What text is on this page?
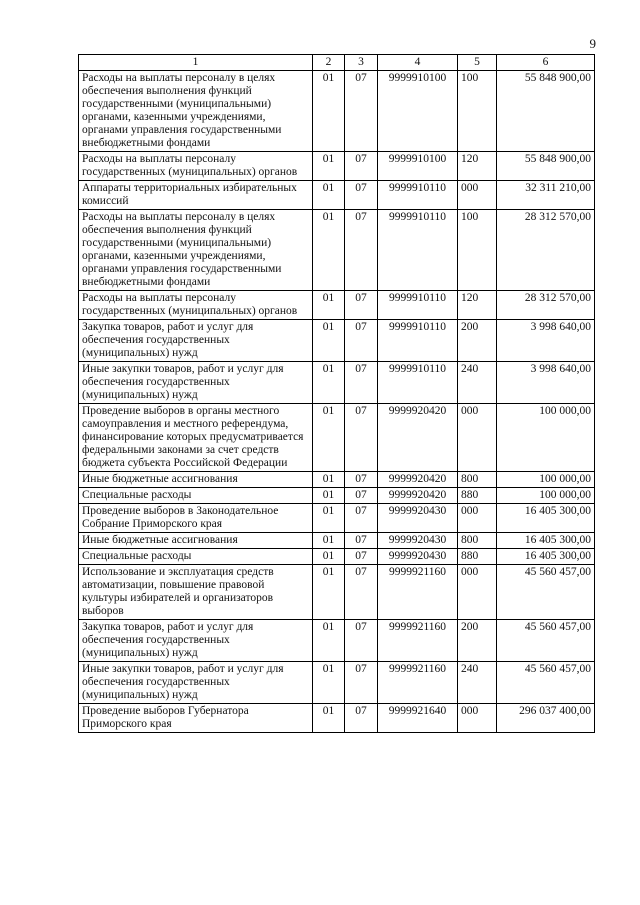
9
1	2	3	4	5	6
Расходы на выплаты персоналу в целях обеспечения выполнения функций государственными (муниципальными) органами, казенными учреждениями, органами управления государственными внебюджетными фондами	01	07	9999910100	100	55 848 900,00
Расходы на выплаты персоналу государственных (муниципальных) органов	01	07	9999910100	120	55 848 900,00
Аппараты территориальных избирательных комиссий	01	07	9999910110	000	32 311 210,00
Расходы на выплаты персоналу в целях обеспечения выполнения функций государственными (муниципальными) органами, казенными учреждениями, органами управления государственными внебюджетными фондами	01	07	9999910110	100	28 312 570,00
Расходы на выплаты персоналу государственных (муниципальных) органов	01	07	9999910110	120	28 312 570,00
Закупка товаров, работ и услуг для обеспечения государственных (муниципальных) нужд	01	07	9999910110	200	3 998 640,00
Иные закупки товаров, работ и услуг для обеспечения государственных (муниципальных) нужд	01	07	9999910110	240	3 998 640,00
Проведение выборов в органы местного самоуправления и местного референдума, финансирование которых предусматривается федеральными законами за счет средств бюджета субъекта Российской Федерации	01	07	9999920420	000	100 000,00
Иные бюджетные ассигнования	01	07	9999920420	800	100 000,00
Специальные расходы	01	07	9999920420	880	100 000,00
Проведение выборов в Законодательное Собрание Приморского края	01	07	9999920430	000	16 405 300,00
Иные бюджетные ассигнования	01	07	9999920430	800	16 405 300,00
Специальные расходы	01	07	9999920430	880	16 405 300,00
Использование и эксплуатация средств автоматизации, повышение правовой культуры избирателей и организаторов выборов	01	07	9999921160	000	45 560 457,00
Закупка товаров, работ и услуг для обеспечения государственных (муниципальных) нужд	01	07	9999921160	200	45 560 457,00
Иные закупки товаров, работ и услуг для обеспечения государственных (муниципальных) нужд	01	07	9999921160	240	45 560 457,00
Проведение выборов Губернатора Приморского края	01	07	9999921640	000	296 037 400,00
